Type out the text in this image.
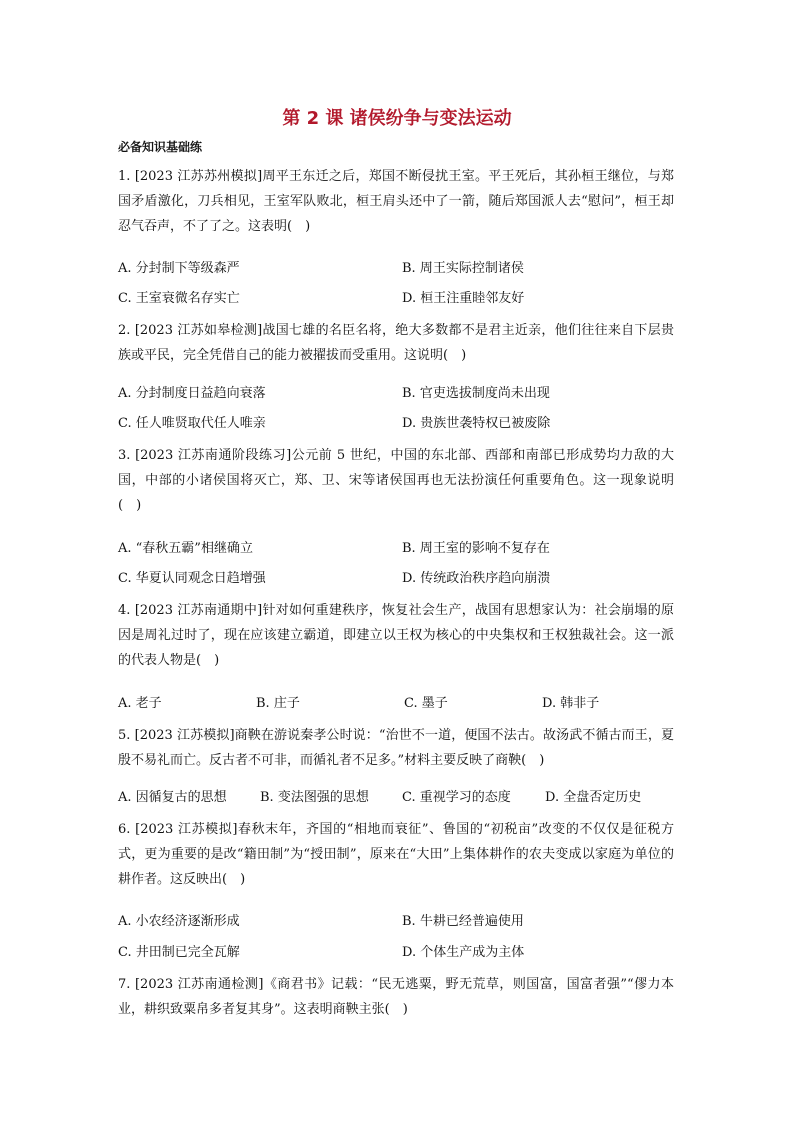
第 2 课 诸侯纷争与变法运动
必备知识基础练
1. [2023 江苏苏州模拟]周平王东迁之后，郑国不断侵扰王室。平王死后，其孙桓王继位，与郑国矛盾激化，刀兵相见，王室军队败北，桓王肩头还中了一箭，随后郑国派人去“慰问”，桓王却忍气吞声，不了了之。这表明(　)
A. 分封制下等级森严	B. 周王实际控制诸侯
C. 王室衰微名存实亡	D. 桓王注重睦邻友好
2. [2023 江苏如皋检测]战国七雄的名臣名将，绝大多数都不是君主近亲，他们往往来自下层贵族或平民，完全凭借自己的能力被擢拔而受重用。这说明(　)
A. 分封制度日益趋向衰落	B. 官吏选拔制度尚未出现
C. 任人唯贤取代任人唯亲	D. 贵族世袭特权已被废除
3. [2023 江苏南通阶段练习]公元前 5 世纪，中国的东北部、西部和南部已形成势均力敌的大国，中部的小诸侯国将灭亡，郑、卫、宋等诸侯国再也无法扮演任何重要角色。这一现象说明(　)
A. “春秋五霸”相继确立	B. 周王室的影响不复存在
C. 华夏认同观念日趋增强	D. 传统政治秩序趋向崩溃
4. [2023 江苏南通期中]针对如何重建秩序，恢复社会生产，战国有思想家认为：社会崩塌的原因是周礼过时了，现在应该建立霸道，即建立以王权为核心的中央集权和王权独裁社会。这一派的代表人物是(　)
A. 老子	B. 庄子	C. 墨子	D. 韩非子
5. [2023 江苏模拟]商鞅在游说秦孝公时说：“治世不一道，便国不法古。故汤武不循古而王，夏殷不易礼而亡。反古者不可非，而循礼者不足多。”材料主要反映了商鞅(　)
A. 因循复古的思想	B. 变法图强的思想	C. 重视学习的态度	D. 全盘否定历史
6. [2023 江苏模拟]春秋末年，齐国的“相地而衰征”、鲁国的“初税亩”改变的不仅仅是征税方式，更为重要的是改“籍田制”为“授田制”，原来在“大田”上集体耕作的农夫变成以家庭为单位的耕作者。这反映出(　)
A. 小农经济逐渐形成	B. 牛耕已经普遍使用
C. 井田制已完全瓦解	D. 个体生产成为主体
7. [2023 江苏南通检测]《商君书》记载：“民无逃粟，野无荒草，则国富，国富者强”“僇力本业，耕织致粟帛多者复其身”。这表明商鞅主张(　)
